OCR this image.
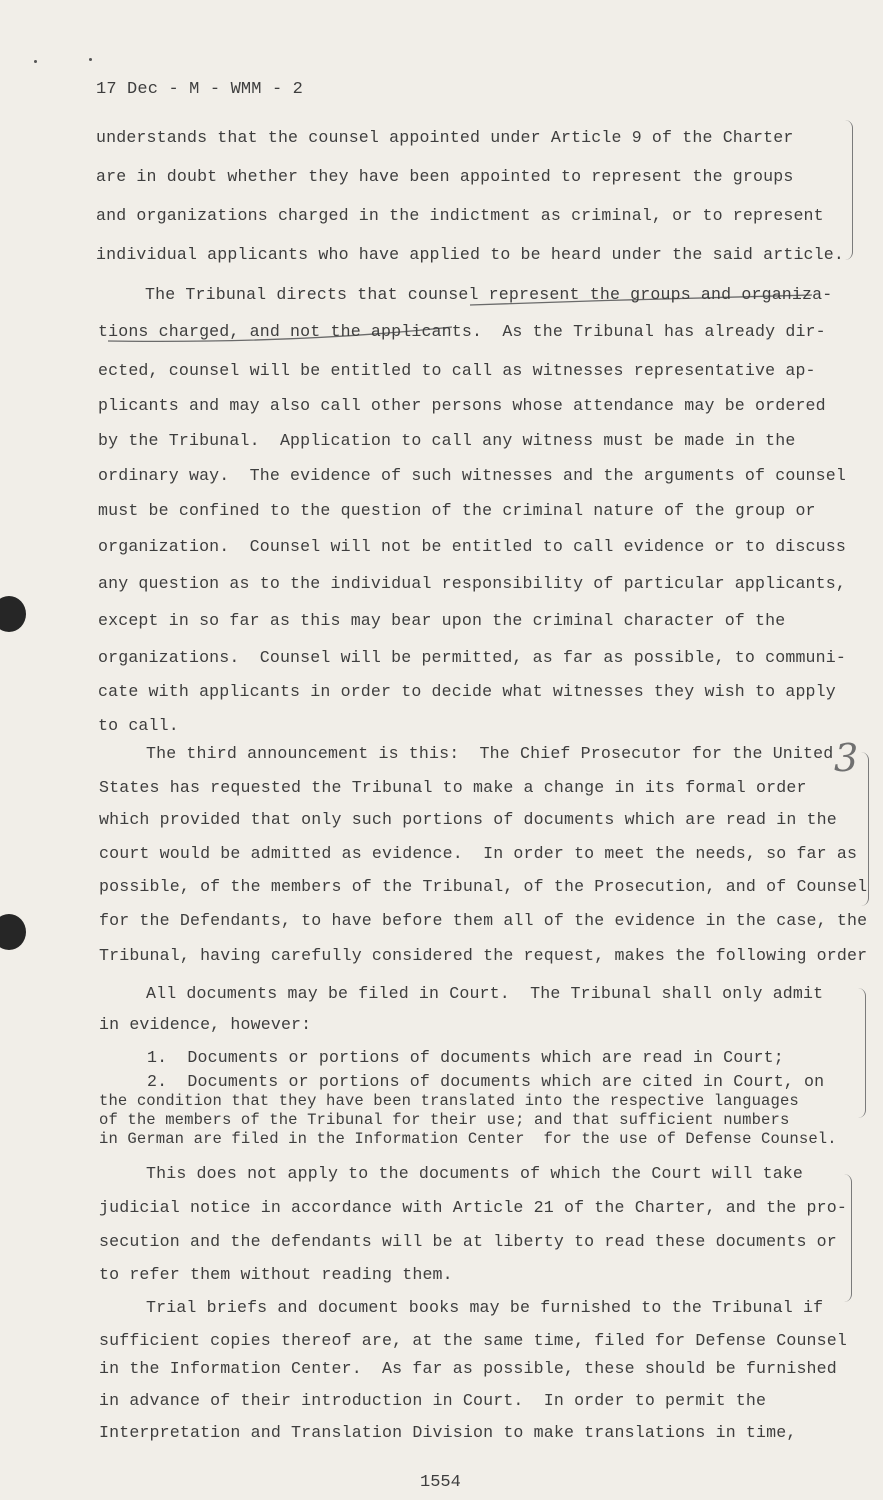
3
17 Dec - M - WMM - 2
understands that the counsel appointed under Article 9 of the Charter
are in doubt whether they have been appointed to represent the groups
and organizations charged in the indictment as criminal, or to represent
individual applicants who have applied to be heard under the said article.
The Tribunal directs that counsel represent the groups and organiza-
tions charged, and not the applicants.  As the Tribunal has already dir-
ected, counsel will be entitled to call as witnesses representative ap-
plicants and may also call other persons whose attendance may be ordered
by the Tribunal.  Application to call any witness must be made in the
ordinary way.  The evidence of such witnesses and the arguments of counsel
must be confined to the question of the criminal nature of the group or
organization.  Counsel will not be entitled to call evidence or to discuss
any question as to the individual responsibility of particular applicants,
except in so far as this may bear upon the criminal character of the
organizations.  Counsel will be permitted, as far as possible, to communi-
cate with applicants in order to decide what witnesses they wish to apply
to call.
The third announcement is this:  The Chief Prosecutor for the United
States has requested the Tribunal to make a change in its formal order
which provided that only such portions of documents which are read in the
court would be admitted as evidence.  In order to meet the needs, so far as
possible, of the members of the Tribunal, of the Prosecution, and of Counsel
for the Defendants, to have before them all of the evidence in the case, the
Tribunal, having carefully considered the request, makes the following order
All documents may be filed in Court.  The Tribunal shall only admit
in evidence, however:
1.  Documents or portions of documents which are read in Court;
2.  Documents or portions of documents which are cited in Court, on
the condition that they have been translated into the respective languages
of the members of the Tribunal for their use; and that sufficient numbers
in German are filed in the Information Center  for the use of Defense Counsel.
This does not apply to the documents of which the Court will take
judicial notice in accordance with Article 21 of the Charter, and the pro-
secution and the defendants will be at liberty to read these documents or
to refer them without reading them.
Trial briefs and document books may be furnished to the Tribunal if
sufficient copies thereof are, at the same time, filed for Defense Counsel
in the Information Center.  As far as possible, these should be furnished
in advance of their introduction in Court.  In order to permit the
Interpretation and Translation Division to make translations in time,
1554
